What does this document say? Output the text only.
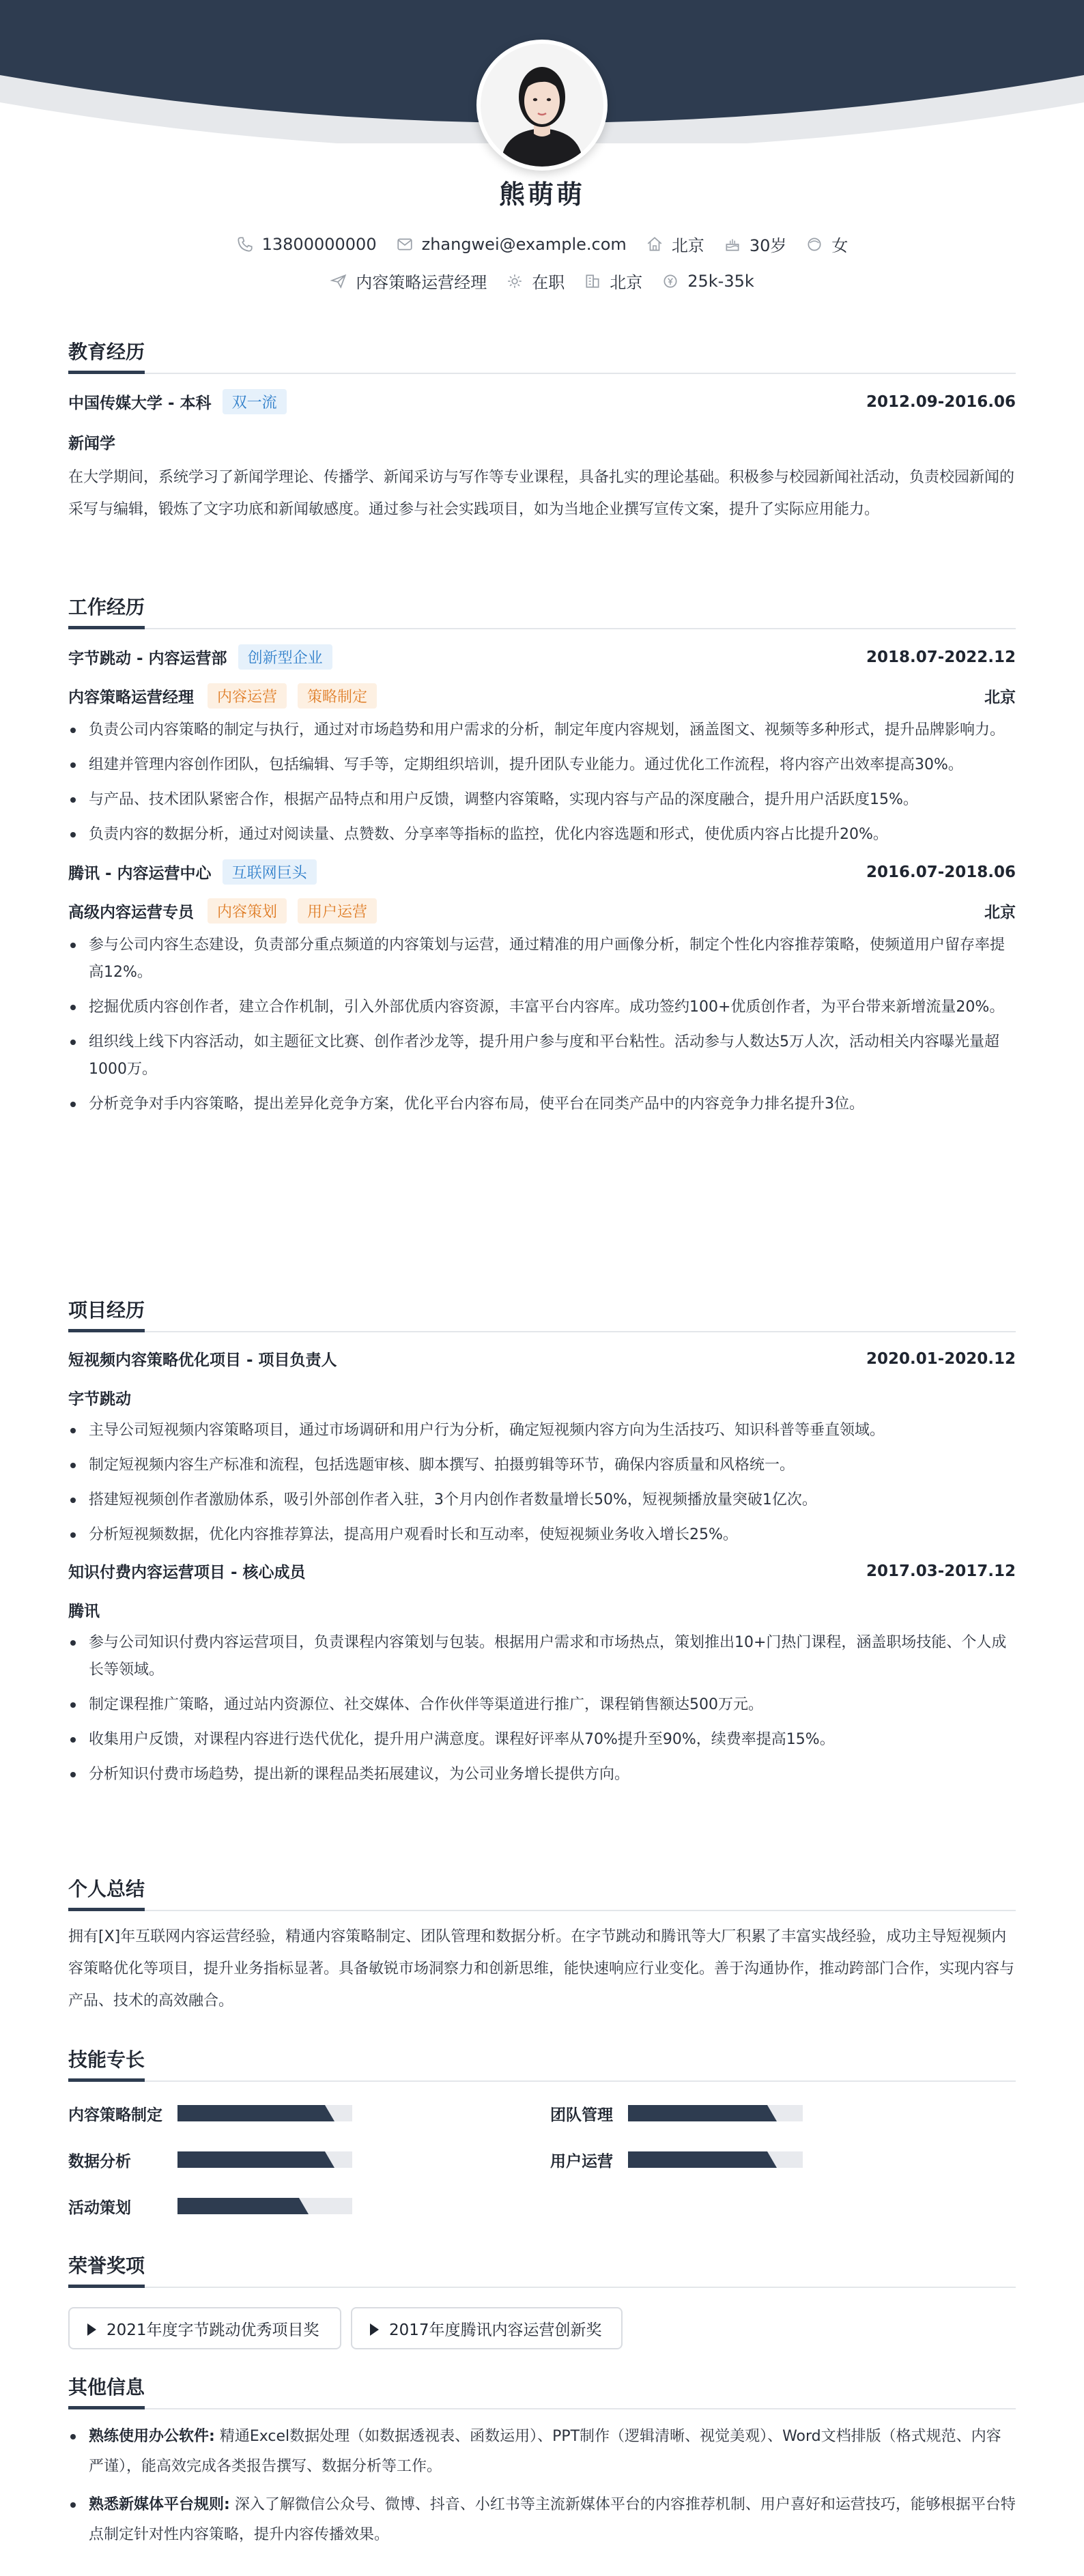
熊萌萌
13800000000	zhangwei@example.com	北京	30岁	女
内容策略运营经理	在职	北京	25k-35k
教育经历
中国传媒大学 - 本科	双一流	2012.09-2016.06
新闻学
在大学期间，系统学习了新闻学理论、传播学、新闻采访与写作等专业课程，具备扎实的理论基础。积极参与校园新闻社活动，负责校园新闻的采写与编辑，锻炼了文字功底和新闻敏感度。通过参与社会实践项目，如为当地企业撰写宣传文案，提升了实际应用能力。
工作经历
字节跳动 - 内容运营部	创新型企业	2018.07-2022.12
内容策略运营经理	内容运营	策略制定	北京
负责公司内容策略的制定与执行，通过对市场趋势和用户需求的分析，制定年度内容规划，涵盖图文、视频等多种形式，提升品牌影响力。
组建并管理内容创作团队，包括编辑、写手等，定期组织培训，提升团队专业能力。通过优化工作流程，将内容产出效率提高30%。
与产品、技术团队紧密合作，根据产品特点和用户反馈，调整内容策略，实现内容与产品的深度融合，提升用户活跃度15%。
负责内容的数据分析，通过对阅读量、点赞数、分享率等指标的监控，优化内容选题和形式，使优质内容占比提升20%。
腾讯 - 内容运营中心	互联网巨头	2016.07-2018.06
高级内容运营专员	内容策划	用户运营	北京
参与公司内容生态建设，负责部分重点频道的内容策划与运营，通过精准的用户画像分析，制定个性化内容推荐策略，使频道用户留存率提高12%。
挖掘优质内容创作者，建立合作机制，引入外部优质内容资源，丰富平台内容库。成功签约100+优质创作者，为平台带来新增流量20%。
组织线上线下内容活动，如主题征文比赛、创作者沙龙等，提升用户参与度和平台粘性。活动参与人数达5万人次，活动相关内容曝光量超1000万。
分析竞争对手内容策略，提出差异化竞争方案，优化平台内容布局，使平台在同类产品中的内容竞争力排名提升3位。
项目经历
短视频内容策略优化项目 - 项目负责人	2020.01-2020.12
字节跳动
主导公司短视频内容策略项目，通过市场调研和用户行为分析，确定短视频内容方向为生活技巧、知识科普等垂直领域。
制定短视频内容生产标准和流程，包括选题审核、脚本撰写、拍摄剪辑等环节，确保内容质量和风格统一。
搭建短视频创作者激励体系，吸引外部创作者入驻，3个月内创作者数量增长50%，短视频播放量突破1亿次。
分析短视频数据，优化内容推荐算法，提高用户观看时长和互动率，使短视频业务收入增长25%。
知识付费内容运营项目 - 核心成员	2017.03-2017.12
腾讯
参与公司知识付费内容运营项目，负责课程内容策划与包装。根据用户需求和市场热点，策划推出10+门热门课程，涵盖职场技能、个人成长等领域。
制定课程推广策略，通过站内资源位、社交媒体、合作伙伴等渠道进行推广，课程销售额达500万元。
收集用户反馈，对课程内容进行迭代优化，提升用户满意度。课程好评率从70%提升至90%，续费率提高15%。
分析知识付费市场趋势，提出新的课程品类拓展建议，为公司业务增长提供方向。
个人总结
拥有[X]年互联网内容运营经验，精通内容策略制定、团队管理和数据分析。在字节跳动和腾讯等大厂积累了丰富实战经验，成功主导短视频内容策略优化等项目，提升业务指标显著。具备敏锐市场洞察力和创新思维，能快速响应行业变化。善于沟通协作，推动跨部门合作，实现内容与产品、技术的高效融合。
技能专长
内容策略制定	团队管理
数据分析	用户运营
活动策划
荣誉奖项
2021年度字节跳动优秀项目奖	2017年度腾讯内容运营创新奖
其他信息
熟练使用办公软件: 精通Excel数据处理（如数据透视表、函数运用）、PPT制作（逻辑清晰、视觉美观）、Word文档排版（格式规范、内容严谨），能高效完成各类报告撰写、数据分析等工作。
熟悉新媒体平台规则: 深入了解微信公众号、微博、抖音、小红书等主流新媒体平台的内容推荐机制、用户喜好和运营技巧，能够根据平台特点制定针对性内容策略，提升内容传播效果。
